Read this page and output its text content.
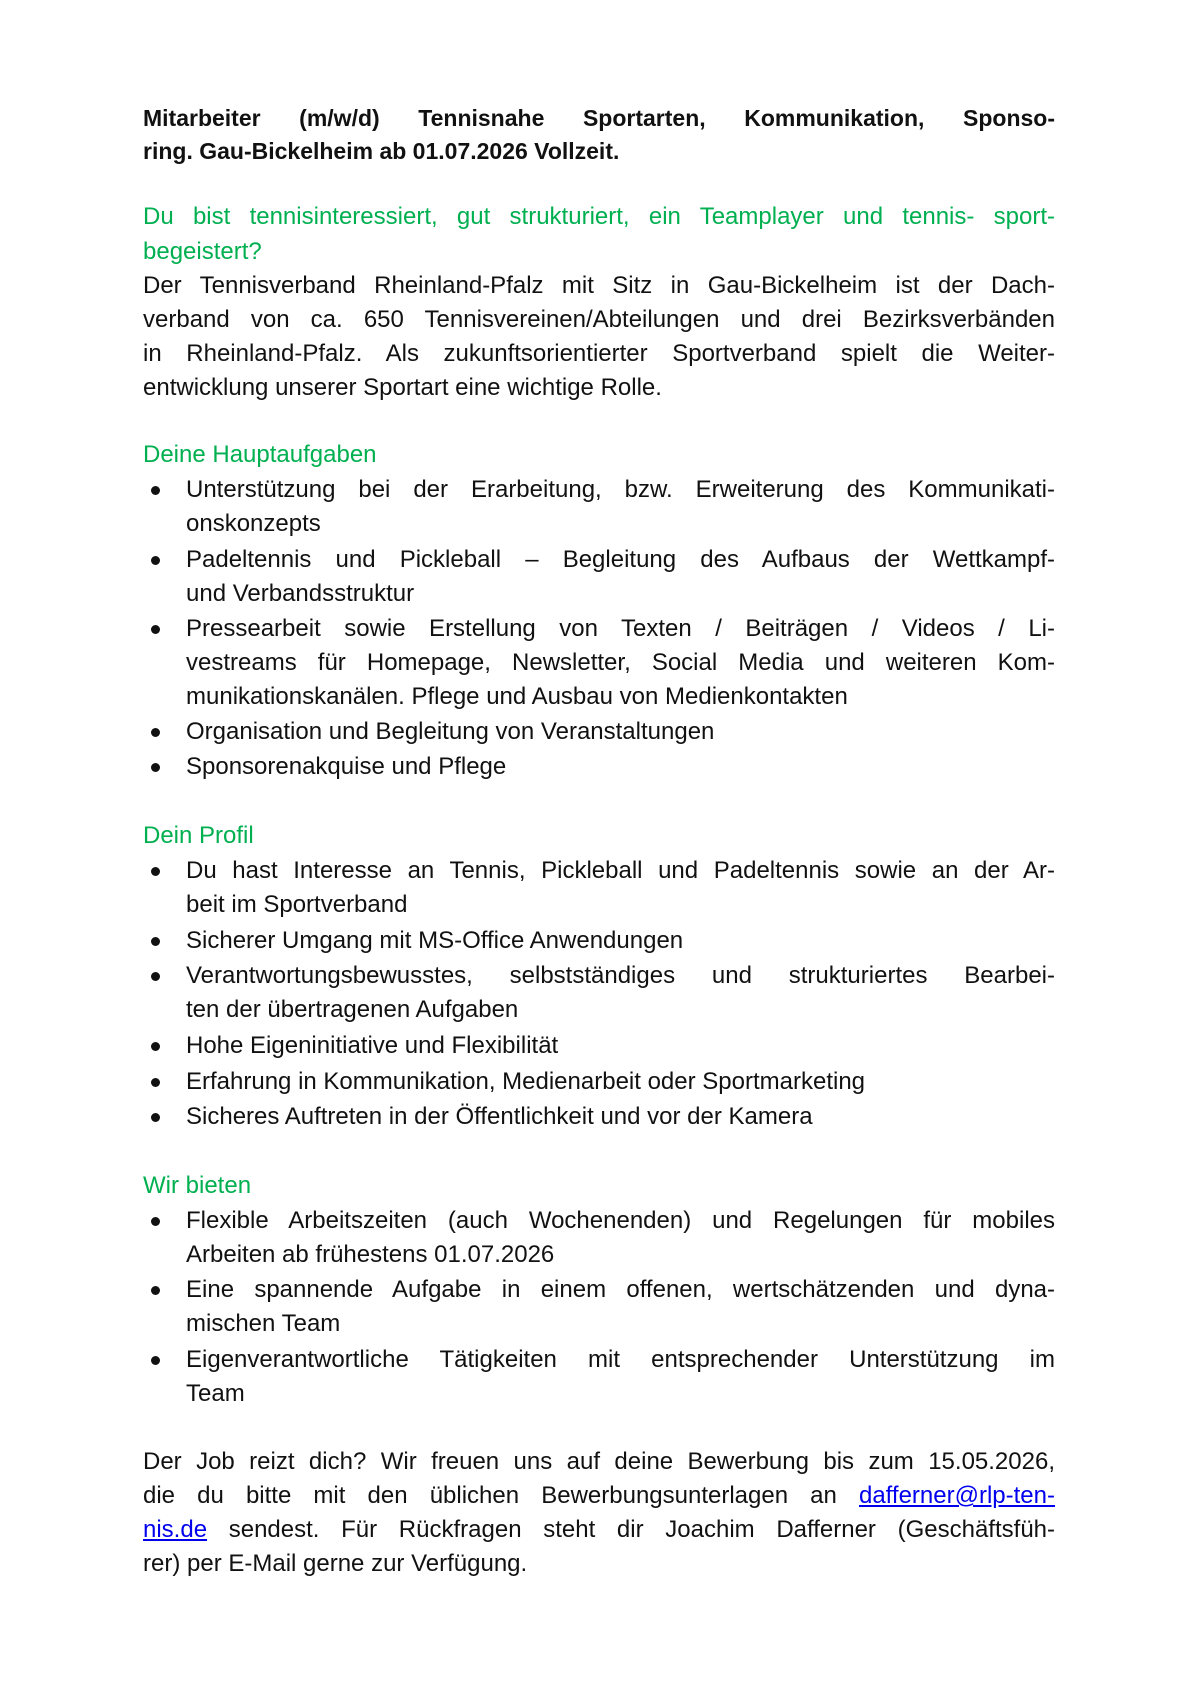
Mitarbeiter (m/w/d) Tennisnahe Sportarten, Kommunikation, Sponso-
ring. Gau-Bickelheim ab 01.07.2026 Vollzeit.
Du bist tennisinteressiert, gut strukturiert, ein Teamplayer und tennis- sport-
begeistert?
Der Tennisverband Rheinland-Pfalz mit Sitz in Gau-Bickelheim ist der Dach-
verband von ca. 650 Tennisvereinen/Abteilungen und drei Bezirksverbänden
in Rheinland-Pfalz. Als zukunftsorientierter Sportverband spielt die Weiter-
entwicklung unserer Sportart eine wichtige Rolle.
Deine Hauptaufgaben
Unterstützung bei der Erarbeitung, bzw. Erweiterung des Kommunikati-
onskonzepts
Padeltennis und Pickleball – Begleitung des Aufbaus der Wettkampf-
und Verbandsstruktur
Pressearbeit sowie Erstellung von Texten / Beiträgen / Videos / Li-
vestreams für Homepage, Newsletter, Social Media und weiteren Kom-
munikationskanälen. Pflege und Ausbau von Medienkontakten
Organisation und Begleitung von Veranstaltungen
Sponsorenakquise und Pflege
Dein Profil
Du hast Interesse an Tennis, Pickleball und Padeltennis sowie an der Ar-
beit im Sportverband
Sicherer Umgang mit MS-Office Anwendungen
Verantwortungsbewusstes, selbstständiges und strukturiertes Bearbei-
ten der übertragenen Aufgaben
Hohe Eigeninitiative und Flexibilität
Erfahrung in Kommunikation, Medienarbeit oder Sportmarketing
Sicheres Auftreten in der Öffentlichkeit und vor der Kamera
Wir bieten
Flexible Arbeitszeiten (auch Wochenenden) und Regelungen für mobiles
Arbeiten ab frühestens 01.07.2026
Eine spannende Aufgabe in einem offenen, wertschätzenden und dyna-
mischen Team
Eigenverantwortliche Tätigkeiten mit entsprechender Unterstützung im
Team
Der Job reizt dich? Wir freuen uns auf deine Bewerbung bis zum 15.05.2026,
die du bitte mit den üblichen Bewerbungsunterlagen an dafferner@rlp-ten-
nis.de sendest. Für Rückfragen steht dir Joachim Dafferner (Geschäftsfüh-
rer) per E-Mail gerne zur Verfügung.
